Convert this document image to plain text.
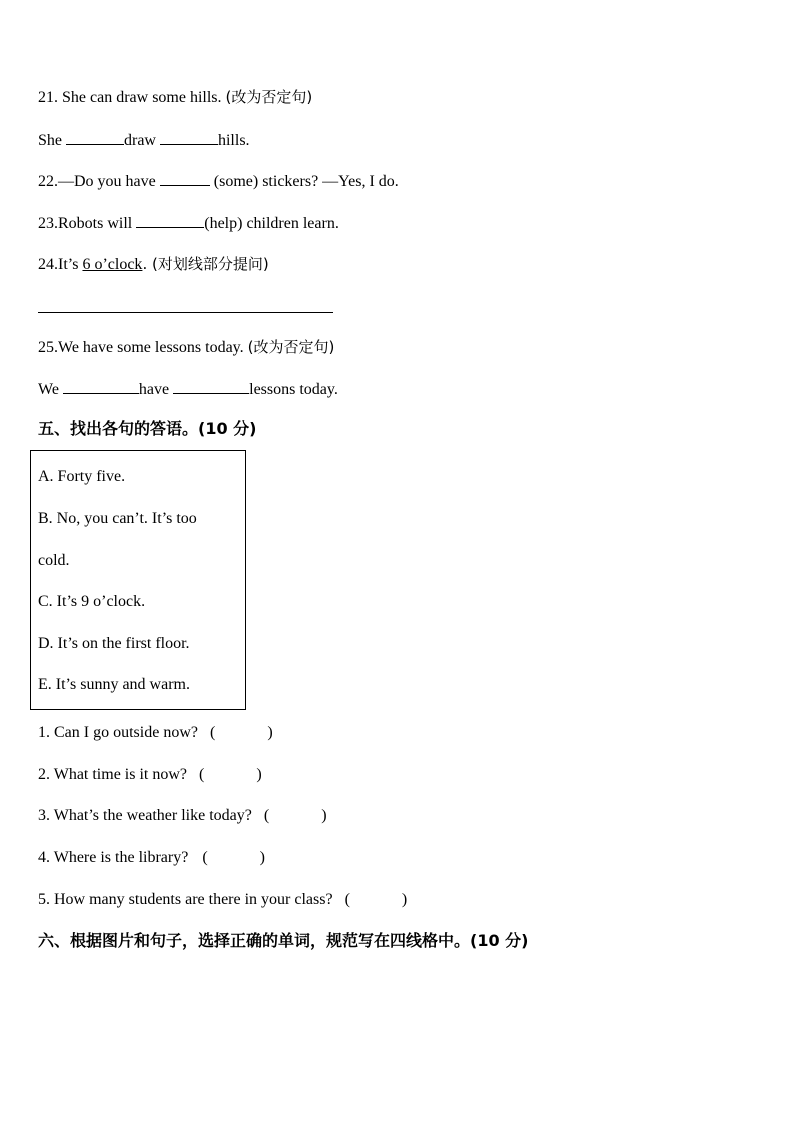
21. She can draw some hills. (改为否定句)
She	draw	hills.
22.—Do you have	(some) stickers? —Yes, I do.
23.Robots will	(help) children learn.
24.It’s 6 o’clock. (对划线部分提问)
25.We have some lessons today. (改为否定句)
We	have	lessons today.
五、找出各句的答语。(10 分)
A. Forty five.
B. No, you can’t. It’s too
cold.
C. It’s 9 o’clock.
D. It’s on the first floor.
E. It’s sunny and warm.
1. Can I go outside now? (	)
2. What time is it now? (	)
3. What’s the weather like today? (	)
4. Where is the library? (	)
5. How many students are there in your class? (	)
六、根据图片和句子，选择正确的单词，规范写在四线格中。(10 分)
